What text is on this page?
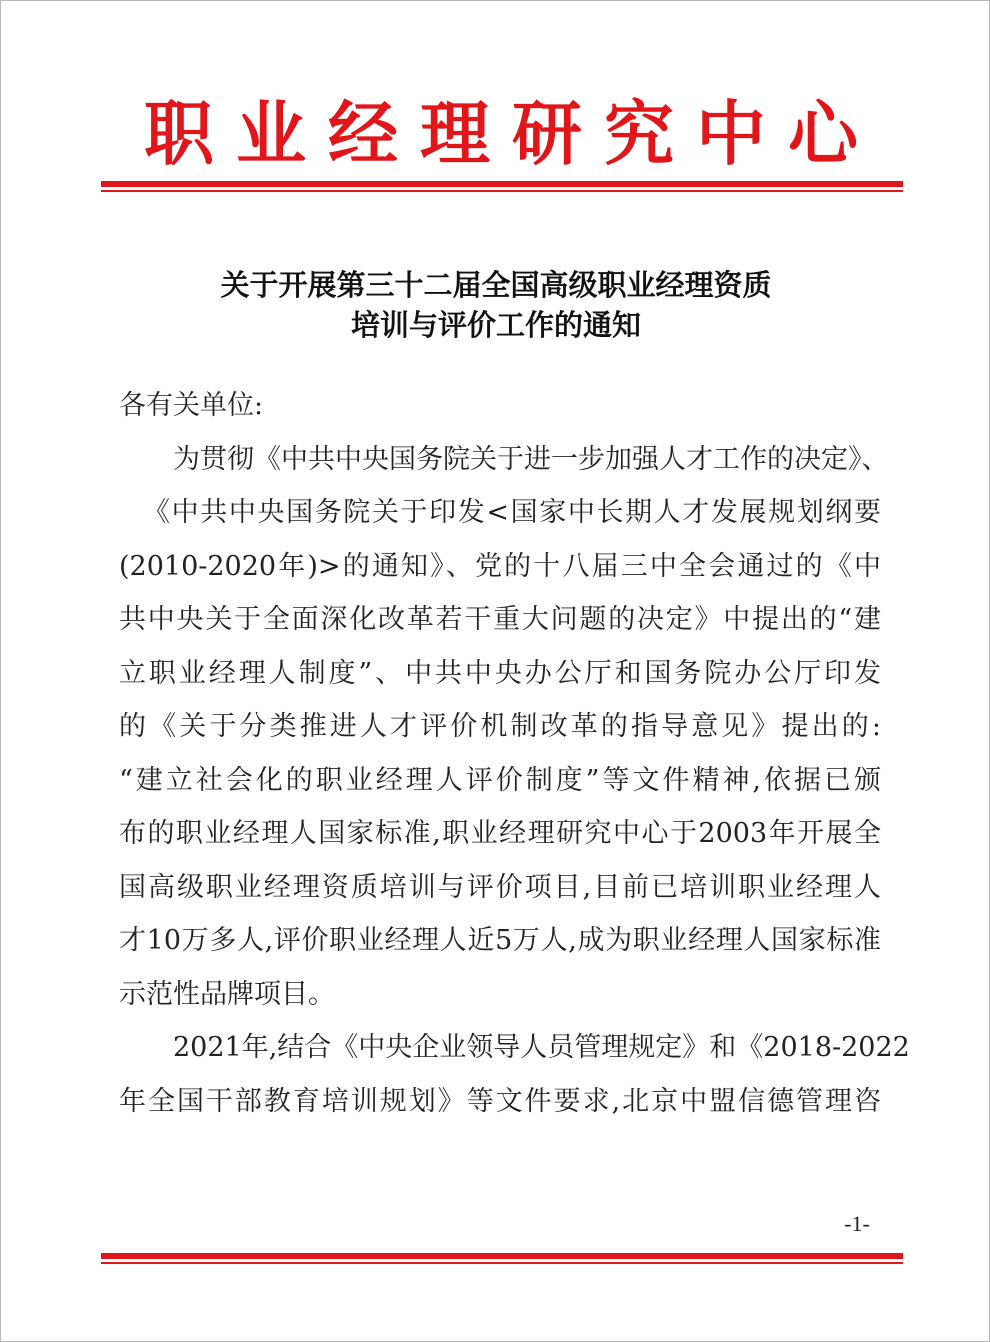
职业经理研究中心
关于开展第三十二届全国高级职业经理资质
培训与评价工作的通知
各有关单位:
为贯彻《中共中央国务院关于进一步加强人才工作的决定》、
《中共中央国务院关于印发<国家中长期人才发展规划纲要
(2010-2020年)>的通知》、党的十八届三中全会通过的《中
共中央关于全面深化改革若干重大问题的决定》中提出的“建
立职业经理人制度”、中共中央办公厅和国务院办公厅印发
的《关于分类推进人才评价机制改革的指导意见》提出的:
“建立社会化的职业经理人评价制度”等文件精神,依据已颁
布的职业经理人国家标准,职业经理研究中心于2003年开展全
国高级职业经理资质培训与评价项目,目前已培训职业经理人
才10万多人,评价职业经理人近5万人,成为职业经理人国家标准
示范性品牌项目。
2021年,结合《中央企业领导人员管理规定》和《2018-2022
年全国干部教育培训规划》等文件要求,北京中盟信德管理咨
-1-
